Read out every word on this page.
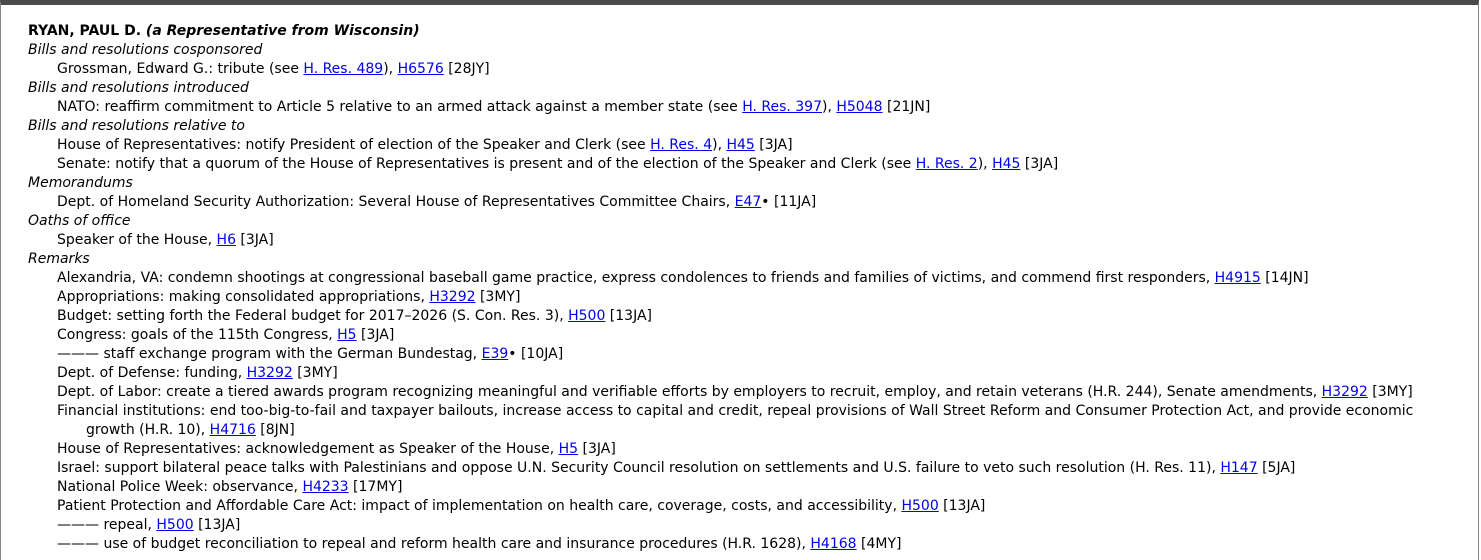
RYAN, PAUL D. (a Representative from Wisconsin)
Bills and resolutions cosponsored
Grossman, Edward G.: tribute (see H. Res. 489), H6576 [28JY]
Bills and resolutions introduced
NATO: reaffirm commitment to Article 5 relative to an armed attack against a member state (see H. Res. 397), H5048 [21JN]
Bills and resolutions relative to
House of Representatives: notify President of election of the Speaker and Clerk (see H. Res. 4), H45 [3JA]
Senate: notify that a quorum of the House of Representatives is present and of the election of the Speaker and Clerk (see H. Res. 2), H45 [3JA]
Memorandums
Dept. of Homeland Security Authorization: Several House of Representatives Committee Chairs, E47• [11JA]
Oaths of office
Speaker of the House, H6 [3JA]
Remarks
Alexandria, VA: condemn shootings at congressional baseball game practice, express condolences to friends and families of victims, and commend first responders, H4915 [14JN]
Appropriations: making consolidated appropriations, H3292 [3MY]
Budget: setting forth the Federal budget for 2017–2026 (S. Con. Res. 3), H500 [13JA]
Congress: goals of the 115th Congress, H5 [3JA]
——— staff exchange program with the German Bundestag, E39• [10JA]
Dept. of Defense: funding, H3292 [3MY]
Dept. of Labor: create a tiered awards program recognizing meaningful and verifiable efforts by employers to recruit, employ, and retain veterans (H.R. 244), Senate amendments, H3292 [3MY]
Financial institutions: end too-big-to-fail and taxpayer bailouts, increase access to capital and credit, repeal provisions of Wall Street Reform and Consumer Protection Act, and provide economic
growth (H.R. 10), H4716 [8JN]
House of Representatives: acknowledgement as Speaker of the House, H5 [3JA]
Israel: support bilateral peace talks with Palestinians and oppose U.N. Security Council resolution on settlements and U.S. failure to veto such resolution (H. Res. 11), H147 [5JA]
National Police Week: observance, H4233 [17MY]
Patient Protection and Affordable Care Act: impact of implementation on health care, coverage, costs, and accessibility, H500 [13JA]
——— repeal, H500 [13JA]
——— use of budget reconciliation to repeal and reform health care and insurance procedures (H.R. 1628), H4168 [4MY]
